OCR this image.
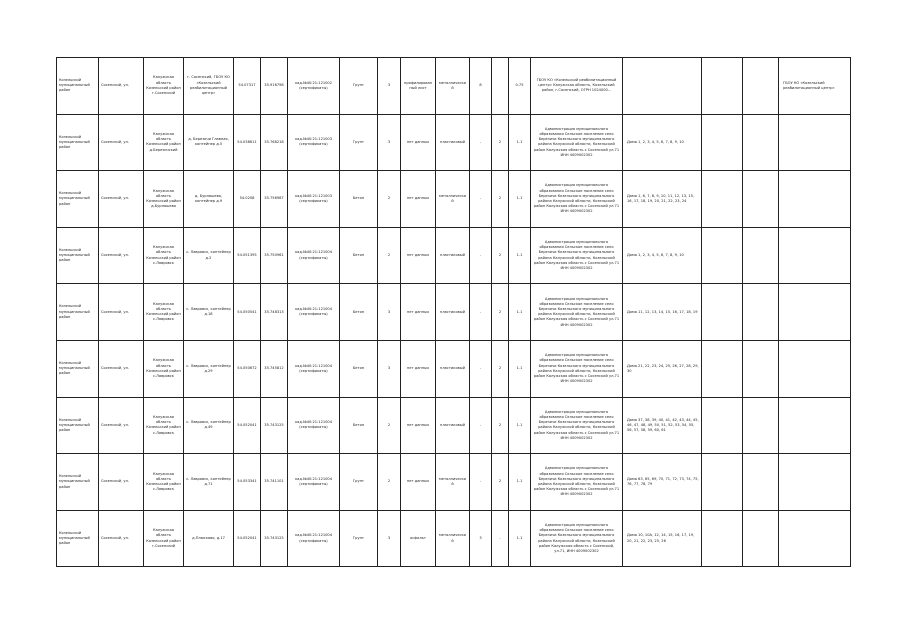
Козельский муниципальный район	Сосенский, ул.	Калужская область Козельский район г.Сосенский	г. Сосенский, ГБОУ КО «Козельский реабилитационный центр»	54.07317	35.916798	кад.№40:21:121002 (сертификаты)	Грунт	3	профилированный лист	металлический	8		0.75	ГБОУ КО «Козельский реабилитационный центр» Калужская область, Козельский район, г.Сосенский, ОГРН 1024000...				ГБОУ КО «Козельский реабилитационный центр»
Козельский муниципальный район	Сосенский, ул.	Калужская область Козельский район д.Березичский	д. Березичи Главная, контейнер д.5	54.038611	35.768218	кад.№40:21:121003 (сертификаты)	Грунт	3	нет данных	пластиковый	-	2	1.1	Администрация муниципального образования Сельское поселение село Березичи Козельского муниципального района Калужской области, Козельский район Калужская область с Сосенский ул.71 ИНН 4009002302	Дома 1, 2, 3, 4, 5, 6, 7, 8, 9, 10			
Козельский муниципальный район	Сосенский, ул.	Калужская область Козельский район д.Бурнашево	д. Бурнашево, контейнер д.9	54.0208	35.756987	кад.№40:21:121003 (сертификаты)	Бетон	2	нет данных	металлический	-	2	1.1	Администрация муниципального образования Сельское поселение село Березичи Козельского муниципального района Калужской области, Козельский район Калужская область с Сосенский ул.71 ИНН 4009002302	Дома 1, 6, 7, 8, 9, 10, 11, 12, 13, 15, 16, 17, 18, 19, 20, 21, 22, 23, 24			
Козельский муниципальный район	Сосенский, ул.	Калужская область Козельский район с.Лавровск	с. Лавровск, контейнер д.2	54.051395	35.750961	кад.№40:21:121004 (сертификаты)	Бетон	2	нет данных	пластиковый	-	2	1.1	Администрация муниципального образования Сельское поселение село Березичи Козельского муниципального района Калужской области, Козельский район Калужская область с Сосенский ул.71 ИНН 4009002302	Дома 1, 2, 3, 4, 5, 6, 7, 8, 9, 10			
Козельский муниципальный район	Сосенский, ул.	Калужская область Козельский район с.Лавровск	с. Лавровск, контейнер д.18	54.050541	35.748313	кад.№40:21:121004 (сертификаты)	Бетон	3	нет данных	пластиковый	-	2	1.1	Администрация муниципального образования Сельское поселение село Березичи Козельского муниципального района Калужской области, Козельский район Калужская область с Сосенский ул.71 ИНН 4009002302	Дома 11, 12, 13, 14, 15, 16, 17, 18, 19			
Козельский муниципальный район	Сосенский, ул.	Калужская область Козельский район с.Лавровск	с. Лавровск, контейнер д.29	54.050672	35.745812	кад.№40:21:121004 (сертификаты)	Бетон	3	нет данных	пластиковый	-	2	1.1	Администрация муниципального образования Сельское поселение село Березичи Козельского муниципального района Калужской области, Козельский район Калужская область с Сосенский ул.71 ИНН 4009002302	Дома 21, 22, 23, 24, 25, 26, 27, 28, 29, 30			
Козельский муниципальный район	Сосенский, ул.	Калужская область Козельский район с.Лавровск	с. Лавровск, контейнер д.49	54.052041	35.743125	кад.№40:21:121004 (сертификаты)	Бетон	2	нет данных	пластиковый	-	2	1.1	Администрация муниципального образования Сельское поселение село Березичи Козельского муниципального района Калужской области, Козельский район Калужская область с Сосенский ул.71 ИНН 4009002302	Дома 37, 38, 39, 40, 41, 42, 43, 44, 45, 46, 47, 48, 49, 50, 51, 52, 53, 54, 55, 56, 57, 58, 59, 60, 61			
Козельский муниципальный район	Сосенский, ул.	Калужская область Козельский район с.Лавровск	с. Лавровск, контейнер д.71	54.053341	35.741101	кад.№40:21:121004 (сертификаты)	Грунт	2	нет данных	металлический	-	2	1.1	Администрация муниципального образования Сельское поселение село Березичи Козельского муниципального района Калужской области, Козельский район Калужская область с Сосенский ул.71 ИНН 4009002302	Дома 63, 65, 69, 70, 71, 72, 73, 74, 75, 76, 77, 78, 79			
Козельский муниципальный район	Сосенский, ул.	Калужская область Козельский район г.Сосенский	д.Плюсково, д.17	54.052041	35.743125	кад.№40:21:121004 (сертификаты)	Грунт	3	асфальт	металлический	3	-	1.1	Администрация муниципального образования Сельское поселение село Березичи Козельского муниципального района Калужской области, Козельский район Калужская область с Сосенский, ул.71, ИНН 4009002302	Дома 10, 10А, 12, 14, 15, 16, 17, 19, 20, 21, 22, 23, 25, 26			
